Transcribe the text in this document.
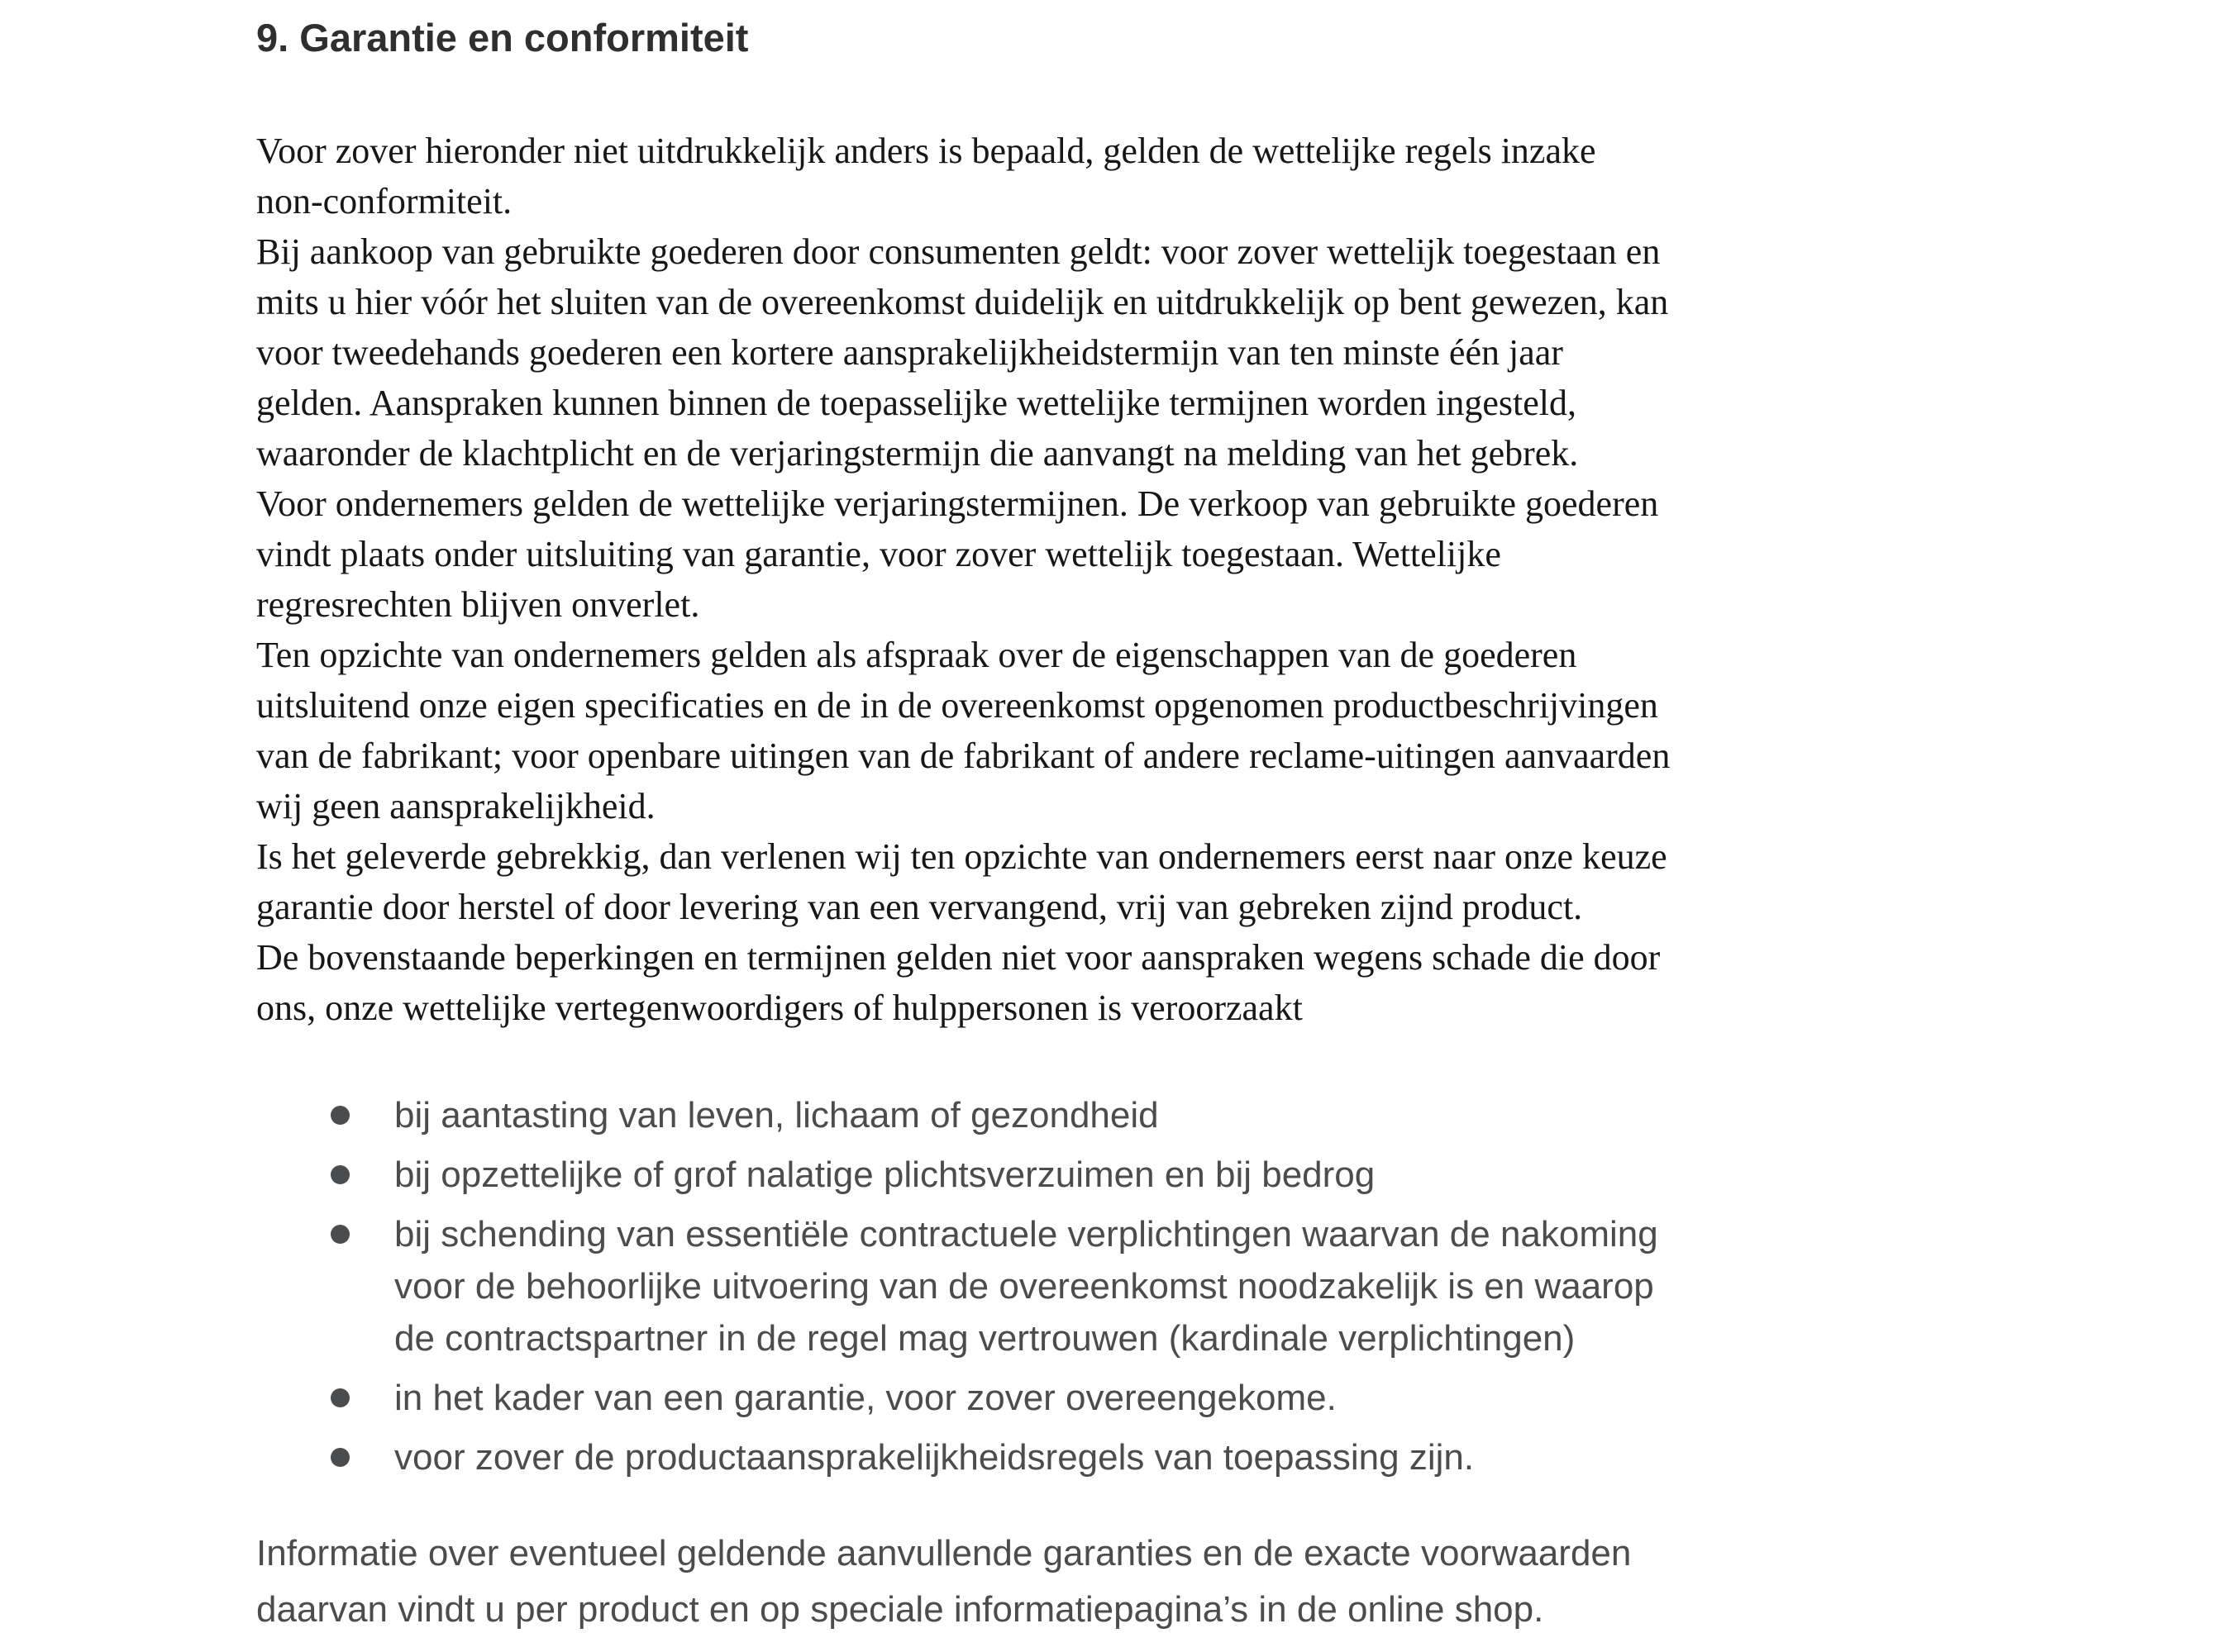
9. Garantie en conformiteit
Voor zover hieronder niet uitdrukkelijk anders is bepaald, gelden de wettelijke regels inzake
non-conformiteit.
Bij aankoop van gebruikte goederen door consumenten geldt: voor zover wettelijk toegestaan en
mits u hier vóór het sluiten van de overeenkomst duidelijk en uitdrukkelijk op bent gewezen, kan
voor tweedehands goederen een kortere aansprakelijkheidstermijn van ten minste één jaar
gelden. Aanspraken kunnen binnen de toepasselijke wettelijke termijnen worden ingesteld,
waaronder de klachtplicht en de verjaringstermijn die aanvangt na melding van het gebrek.
Voor ondernemers gelden de wettelijke verjaringstermijnen. De verkoop van gebruikte goederen
vindt plaats onder uitsluiting van garantie, voor zover wettelijk toegestaan. Wettelijke
regresrechten blijven onverlet.
Ten opzichte van ondernemers gelden als afspraak over de eigenschappen van de goederen
uitsluitend onze eigen specificaties en de in de overeenkomst opgenomen productbeschrijvingen
van de fabrikant; voor openbare uitingen van de fabrikant of andere reclame-uitingen aanvaarden
wij geen aansprakelijkheid.
Is het geleverde gebrekkig, dan verlenen wij ten opzichte van ondernemers eerst naar onze keuze
garantie door herstel of door levering van een vervangend, vrij van gebreken zijnd product.
De bovenstaande beperkingen en termijnen gelden niet voor aanspraken wegens schade die door
ons, onze wettelijke vertegenwoordigers of hulppersonen is veroorzaakt
bij aantasting van leven, lichaam of gezondheid
bij opzettelijke of grof nalatige plichtsverzuimen en bij bedrog
bij schending van essentiële contractuele verplichtingen waarvan de nakoming
voor de behoorlijke uitvoering van de overeenkomst noodzakelijk is en waarop
de contractspartner in de regel mag vertrouwen (kardinale verplichtingen)
in het kader van een garantie, voor zover overeengekome.
voor zover de productaansprakelijkheidsregels van toepassing zijn.
Informatie over eventueel geldende aanvullende garanties en de exacte voorwaarden
daarvan vindt u per product en op speciale informatiepagina’s in de online shop.
